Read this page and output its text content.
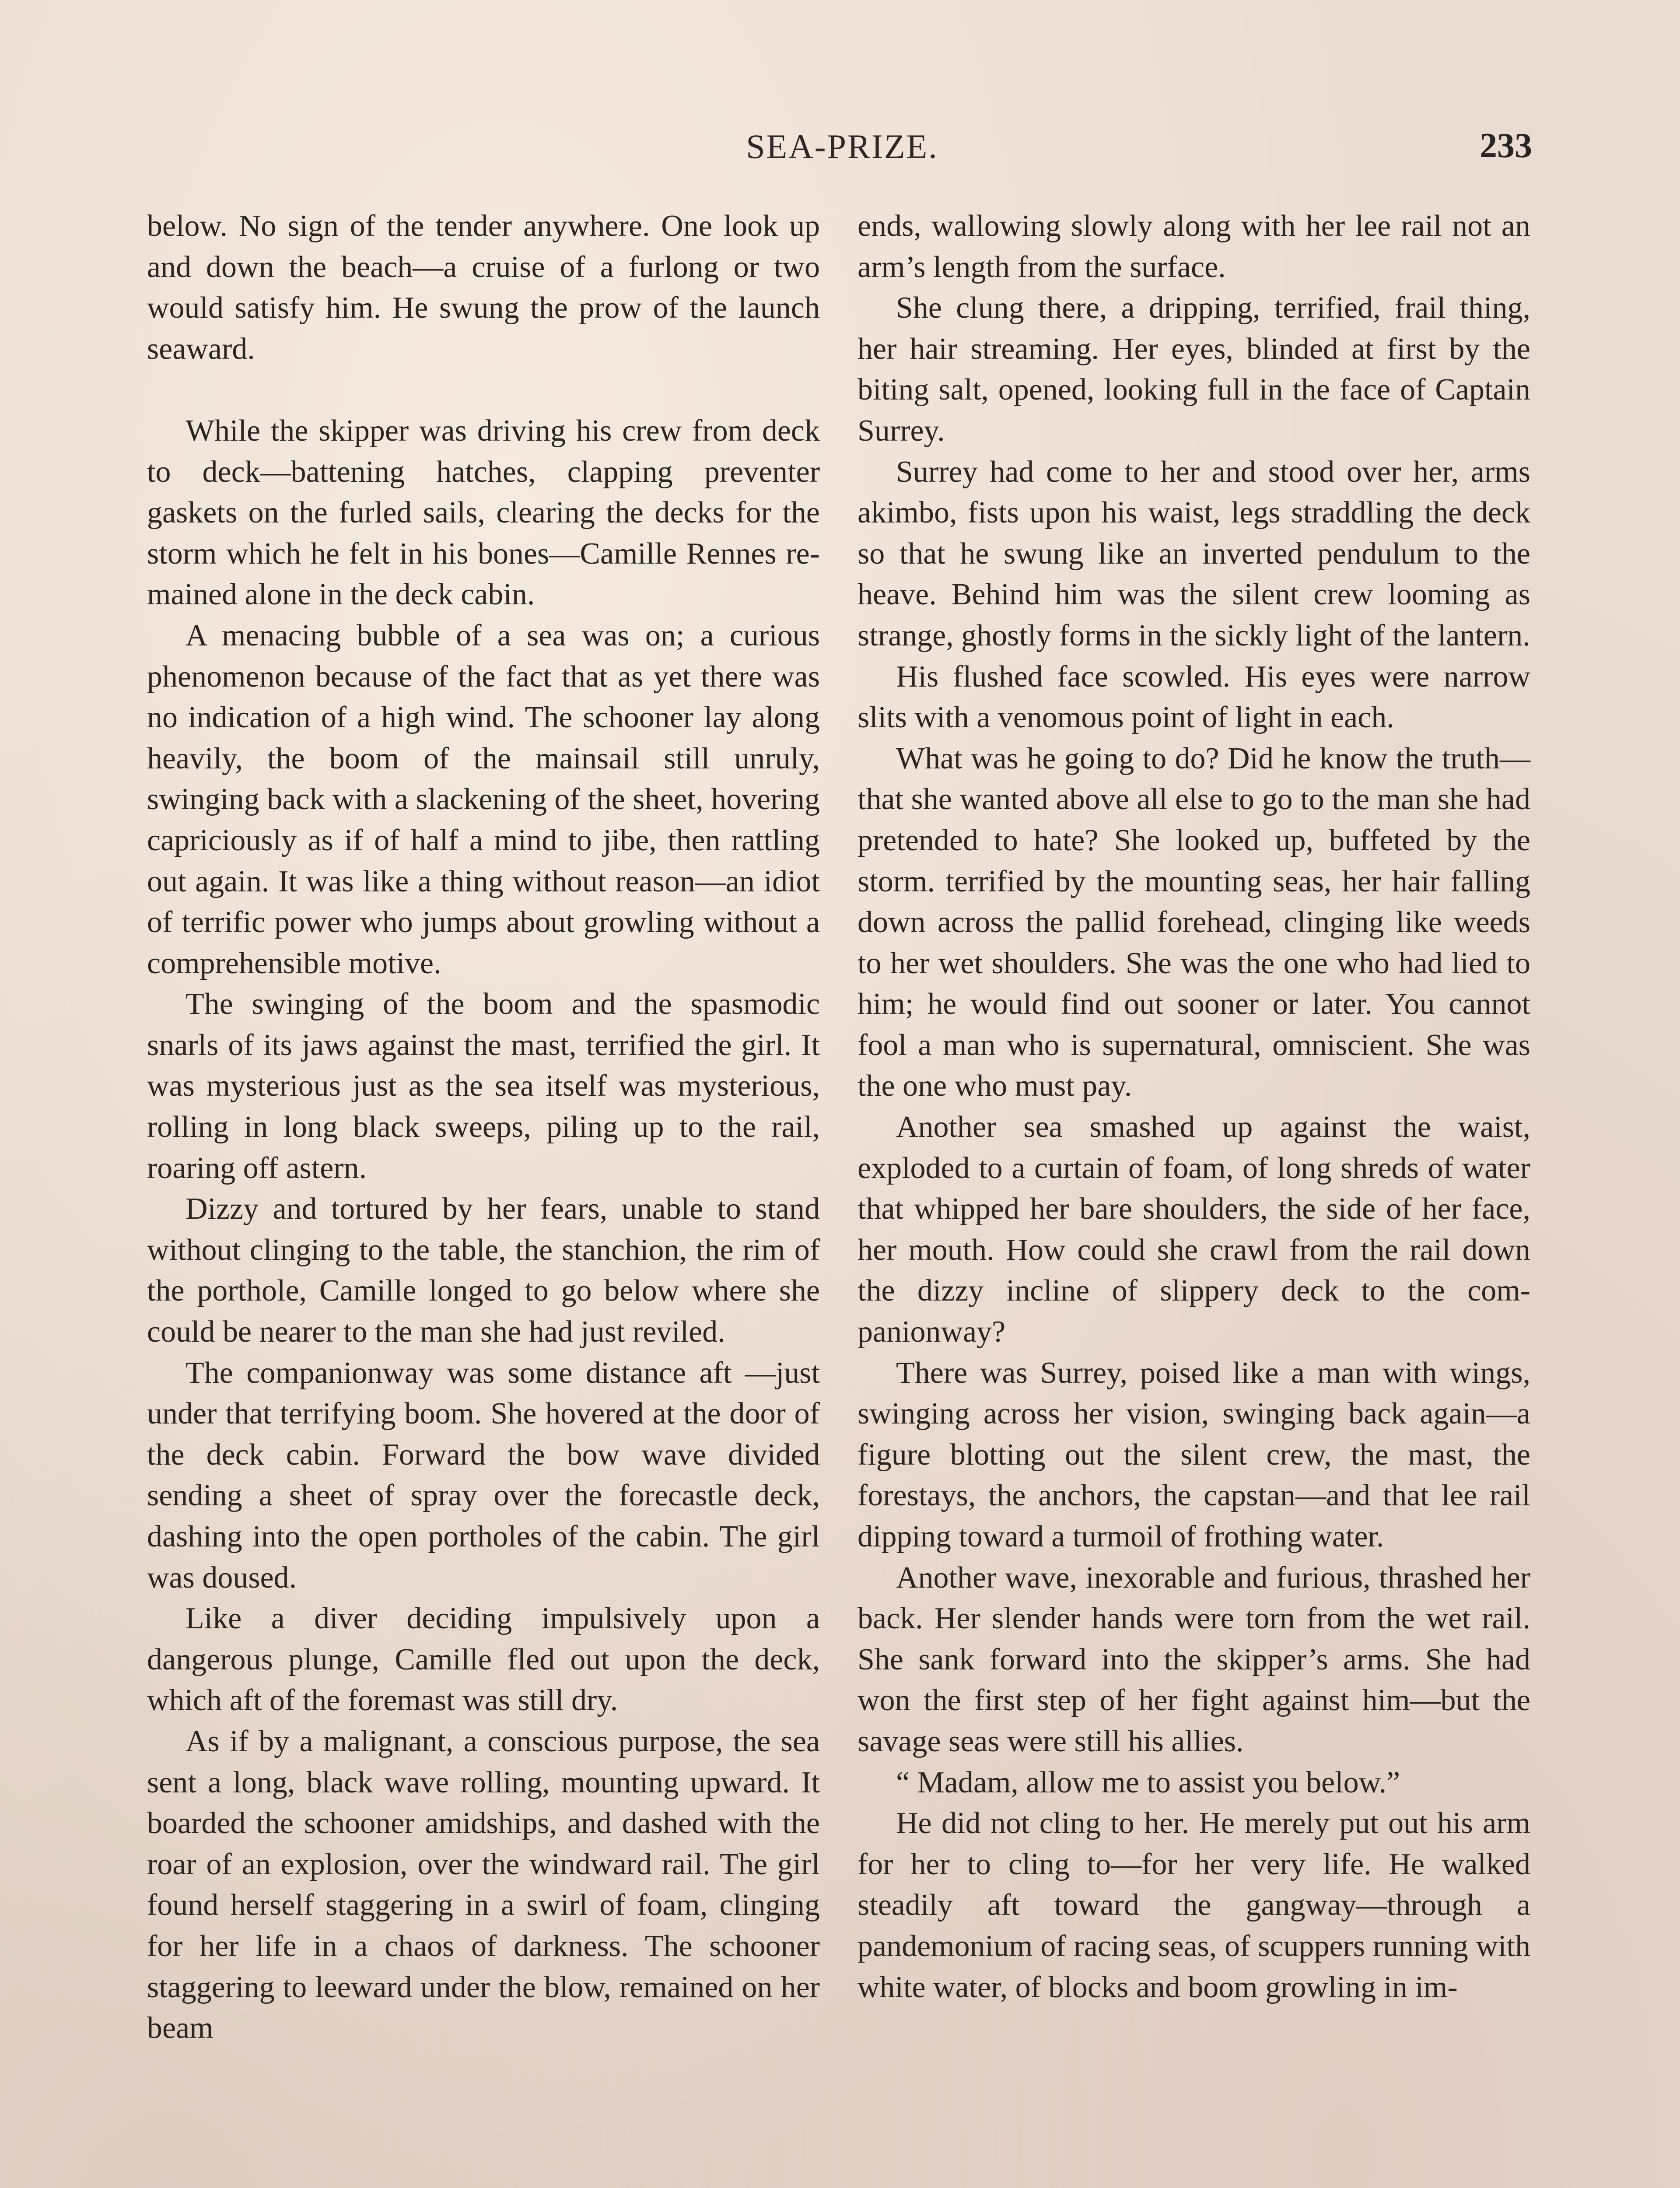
SEA-PRIZE.	233

below. No sign of the tender anywhere. One look up and down the beach—a cruise of a furlong or two would satisfy him. He swung the prow of the launch seaward.

While the skipper was driving his crew from deck to deck—battening hatches, clapping preventer gaskets on the furled sails, clearing the decks for the storm which he felt in his bones—Camille Rennes remained alone in the deck cabin.

A menacing bubble of a sea was on; a curious phenomenon because of the fact that as yet there was no indication of a high wind. The schooner lay along heavily, the boom of the mainsail still unruly, swinging back with a slackening of the sheet, hovering capriciously as if of half a mind to jibe, then rattling out again. It was like a thing without reason—an idiot of terrific power who jumps about growling without a comprehensible motive.

The swinging of the boom and the spasmodic snarls of its jaws against the mast, terrified the girl. It was mysterious just as the sea itself was mysterious, rolling in long black sweeps, piling up to the rail, roaring off astern.

Dizzy and tortured by her fears, unable to stand without clinging to the table, the stanchion, the rim of the porthole, Camille longed to go below where she could be nearer to the man she had just reviled.

The companionway was some distance aft —just under that terrifying boom. She hovered at the door of the deck cabin. Forward the bow wave divided sending a sheet of spray over the forecastle deck, dashing into the open portholes of the cabin. The girl was doused.

Like a diver deciding impulsively upon a dangerous plunge, Camille fled out upon the deck, which aft of the foremast was still dry.

As if by a malignant, a conscious purpose, the sea sent a long, black wave rolling, mounting upward. It boarded the schooner amidships, and dashed with the roar of an explosion, over the windward rail. The girl found herself staggering in a swirl of foam, clinging for her life in a chaos of darkness. The schooner staggering to leeward under the blow, remained on her beam

ends, wallowing slowly along with her lee rail not an arm’s length from the surface.

She clung there, a dripping, terrified, frail thing, her hair streaming. Her eyes, blinded at first by the biting salt, opened, looking full in the face of Captain Surrey.

Surrey had come to her and stood over her, arms akimbo, fists upon his waist, legs straddling the deck so that he swung like an inverted pendulum to the heave. Behind him was the silent crew looming as strange, ghostly forms in the sickly light of the lantern.

His flushed face scowled. His eyes were narrow slits with a venomous point of light in each.

What was he going to do? Did he know the truth—that she wanted above all else to go to the man she had pretended to hate? She looked up, buffeted by the storm. terrified by the mounting seas, her hair falling down across the pallid forehead, clinging like weeds to her wet shoulders. She was the one who had lied to him; he would find out sooner or later. You cannot fool a man who is supernatural, omniscient. She was the one who must pay.

Another sea smashed up against the waist, exploded to a curtain of foam, of long shreds of water that whipped her bare shoulders, the side of her face, her mouth. How could she crawl from the rail down the dizzy incline of slippery deck to the companionway?

There was Surrey, poised like a man with wings, swinging across her vision, swinging back again—a figure blotting out the silent crew, the mast, the forestays, the anchors, the capstan—and that lee rail dipping toward a turmoil of frothing water.

Another wave, inexorable and furious, thrashed her back. Her slender hands were torn from the wet rail. She sank forward into the skipper’s arms. She had won the first step of her fight against him—but the savage seas were still his allies.

“ Madam, allow me to assist you below.”

He did not cling to her. He merely put out his arm for her to cling to—for her very life. He walked steadily aft toward the gangway—through a pandemonium of racing seas, of scuppers running with white water, of blocks and boom growling in im-
